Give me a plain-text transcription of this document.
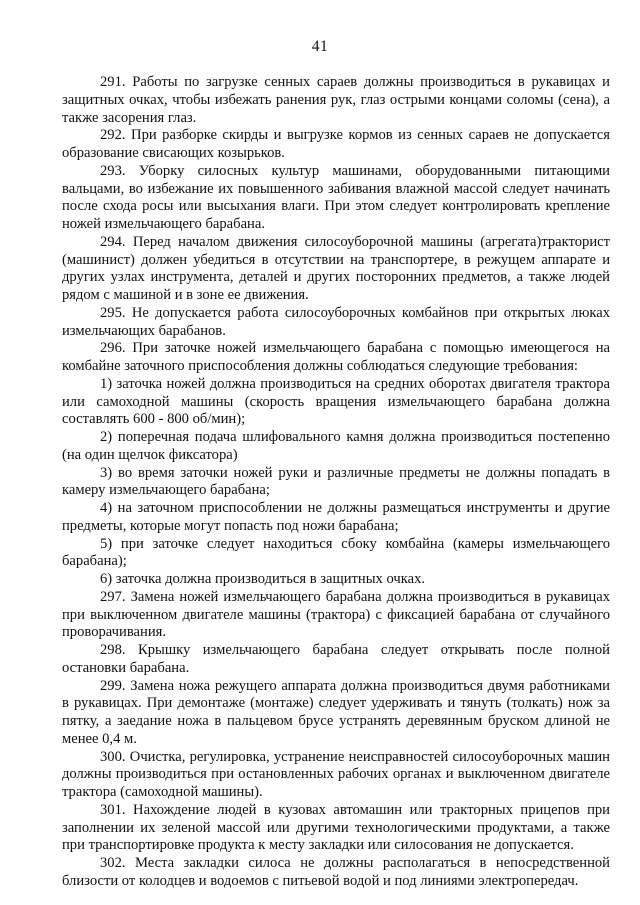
41

291. Работы по загрузке сенных сараев должны производиться в рукавицах и защитных очках, чтобы избежать ранения рук, глаз острыми концами соломы (сена), а также засорения глаз.

292. При разборке скирды и выгрузке кормов из сенных сараев не допускается образование свисающих козырьков.

293. Уборку силосных культур машинами, оборудованными питающими вальцами, во избежание их повышенного забивания влажной массой следует начинать после схода росы или высыхания влаги. При этом следует контролировать крепление ножей измельчающего барабана.

294. Перед началом движения силосоуборочной машины (агрегата)тракторист (машинист) должен убедиться в отсутствии на транспортере, в режущем аппарате и других узлах инструмента, деталей и других посторонних предметов, а также людей рядом с машиной и в зоне ее движения.

295. Не допускается работа силосоуборочных комбайнов при открытых люках измельчающих барабанов.

296. При заточке ножей измельчающего барабана с помощью имеющегося на комбайне заточного приспособления должны соблюдаться следующие требования:

1) заточка ножей должна производиться на средних оборотах двигателя трактора или самоходной машины (скорость вращения измельчающего барабана должна составлять 600 - 800 об/мин);

2) поперечная подача шлифовального камня должна производиться постепенно (на один щелчок фиксатора)

3) во время заточки ножей руки и различные предметы не должны попадать в камеру измельчающего барабана;

4) на заточном приспособлении не должны размещаться инструменты и другие предметы, которые могут попасть под ножи барабана;

5) при заточке следует находиться сбоку комбайна (камеры измельчающего барабана);

6) заточка должна производиться в защитных очках.

297. Замена ножей измельчающего барабана должна производиться в рукавицах при выключенном двигателе машины (трактора) с фиксацией барабана от случайного проворачивания.

298. Крышку измельчающего барабана следует открывать после полной остановки барабана.

299. Замена ножа режущего аппарата должна производиться двумя работниками в рукавицах. При демонтаже (монтаже) следует удерживать и тянуть (толкать) нож за пятку, а заедание ножа в пальцевом брусе устранять деревянным бруском длиной не менее 0,4 м.

300. Очистка, регулировка, устранение неисправностей силосоуборочных машин должны производиться при остановленных рабочих органах и выключенном двигателе трактора (самоходной машины).

301. Нахождение людей в кузовах автомашин или тракторных прицепов при заполнении их зеленой массой или другими технологическими продуктами, а также при транспортировке продукта к месту закладки или силосования не допускается.

302. Места закладки силоса не должны располагаться в непосредственной близости от колодцев и водоемов с питьевой водой и под линиями электропередач.
